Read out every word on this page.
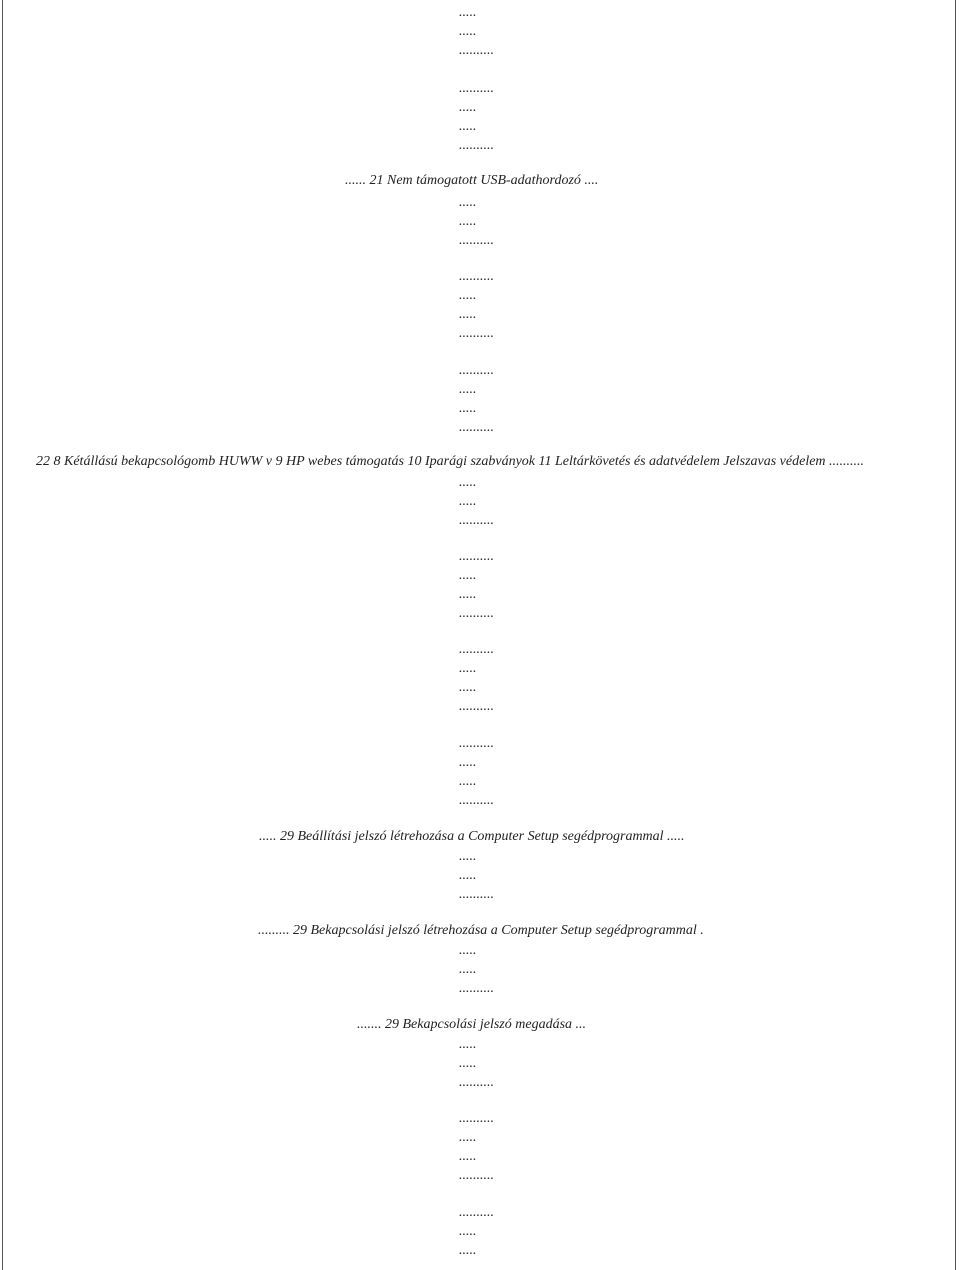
.....
.....
..........
..........
.....
.....
..........
...... 21 Nem támogatott USB-adathordozó ....
.....
.....
..........
..........
.....
.....
..........
..........
.....
.....
..........
22 8 Kétállású bekapcsológomb HUWW v 9 HP webes támogatás 10 Iparági szabványok 11 Leltárkövetés és adatvédelem Jelszavas védelem ..........
.....
.....
..........
..........
.....
.....
..........
..........
.....
.....
..........
..........
.....
.....
..........
..... 29 Beállítási jelszó létrehozása a Computer Setup segédprogrammal .....
.....
.....
..........
......... 29 Bekapcsolási jelszó létrehozása a Computer Setup segédprogrammal .
.....
.....
..........
....... 29 Bekapcsolási jelszó megadása ...
.....
.....
..........
..........
.....
.....
..........
..........
.....
.....
